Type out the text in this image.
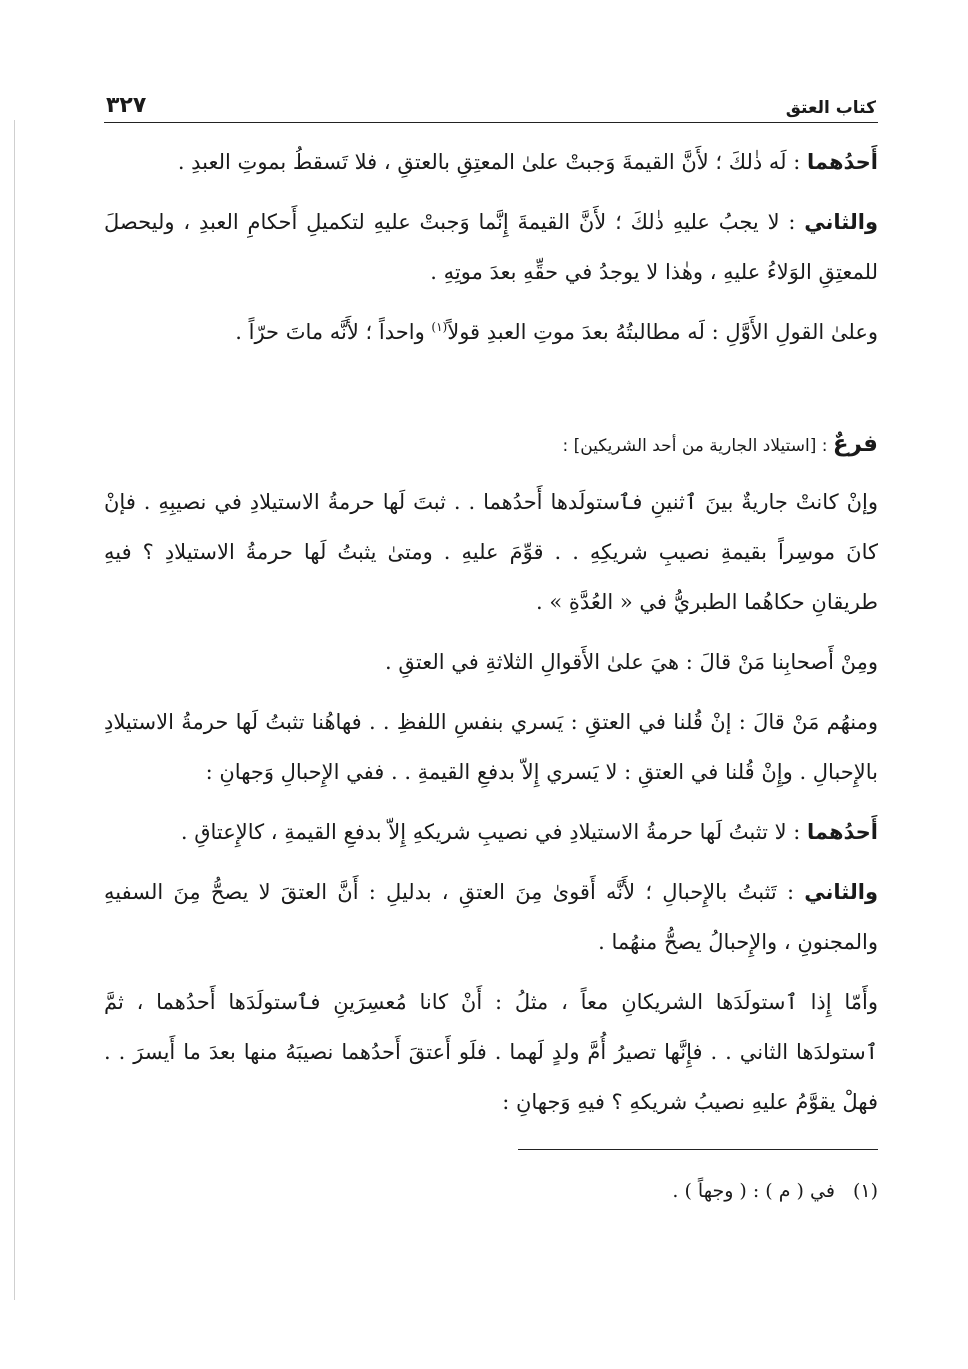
كتاب العتق
٣٢٧

أَحدُهما : لَه ذٰلكَ ؛ لأَنَّ القيمةَ وَجبتْ علىٰ المعتِقِ بالعتقِ ، فلا تَسقطُ بموتِ العبدِ .

والثاني : لا يجبُ عليهِ ذٰلكَ ؛ لأَنَّ القيمةَ إِنَّما وَجبتْ عليهِ لتكميلِ أَحكامِ العبدِ ، وليحصلَ للمعتِقِ الوَلاءُ عليهِ ، وهٰذا لا يوجدُ في حقِّهِ بعدَ موتِهِ .

وعلىٰ القولِ الأَوَّلِ : لَه مطالبتُهُ بعدَ موتِ العبدِ قولاً$^{(١)}$ واحداً ؛ لأَنَّه ماتَ حرّاً .

فرعٌ : [استيلاد الجارية من أحد الشريكين] :

وإنْ كانتْ جاريةٌ بينَ ٱثنينِ فٱستولَدها أَحدُهما . . ثبتَ لَها حرمةُ الاستيلادِ في نصيبِهِ . فإنْ كانَ موسِراً بقيمةِ نصيبِ شريكِهِ . . قوِّمَ عليهِ . ومتىٰ يثبتُ لَها حرمةُ الاستيلادِ ؟ فيهِ طريقانِ حكاهُما الطبريُّ في « العُدَّةِ » .

ومِنْ أَصحابِنا مَنْ قالَ : هيَ علىٰ الأَقوالِ الثلاثةِ في العتقِ .

ومنهُم مَنْ قالَ : إنْ قُلنا في العتقِ : يَسري بنفسِ اللفظِ . . فهاهُنا تثبتُ لَها حرمةُ الاستيلادِ بالإِحبالِ . وإِنْ قُلنا في العتقِ : لا يَسري إِلاّ بدفعِ القيمةِ . . ففي الإِحبالِ وَجهانِ :

أَحدُهما : لا تثبتُ لَها حرمةُ الاستيلادِ في نصيبِ شريكهِ إِلاّ بدفعِ القيمةِ ، كالإِعتاقِ .

والثاني : تَثبتُ بالإِحبالِ ؛ لأَنَّه أَقوىٰ مِنَ العتقِ ، بدليلِ : أَنَّ العتقَ لا يصحُّ مِنَ السفيهِ والمجنونِ ، والإِحبالُ يصحُّ منهُما .

وأَمّا إِذا ٱستولَدَها الشريكانِ معاً ، مثلُ : أَنْ كانا مُعسِرَينِ فٱستولَدَها أَحدُهما ، ثمَّ ٱستولدَها الثاني . . فإِنَّها تصيرُ أُمَّ ولدٍ لَهما . فلَو أَعتقَ أَحدُهما نصيبَهُ منها بعدَ ما أَيسرَ . . فهلْ يقوَّمُ عليهِ نصيبُ شريكهِ ؟ فيهِ وَجهانِ :

(١)في ( م ) : ( وجهاً ) .
